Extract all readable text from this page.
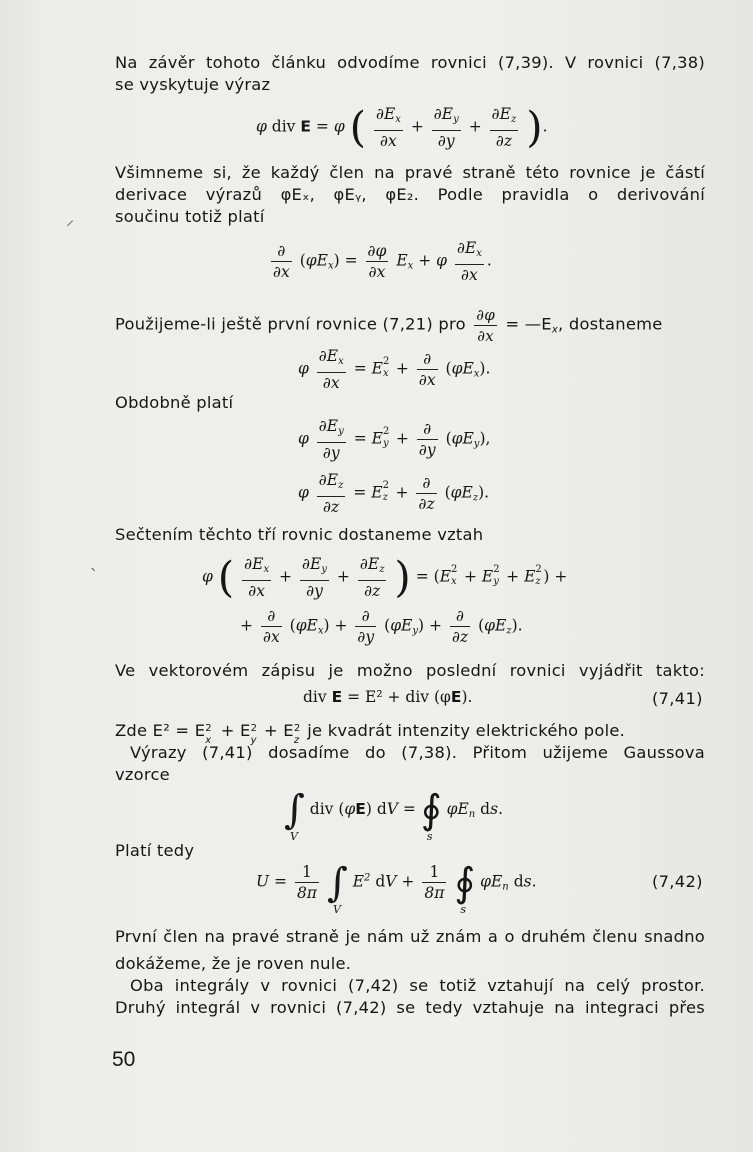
Na závěr tohoto článku odvodíme rovnici (7,39). V rovnici (7,38)
se vyskytuje výraz
φ div E = φ ( $\frac{\partial E_x}{\partial x} + \frac{\partial E_y}{\partial y} + \frac{\partial E_z}{\partial z}$ ).
Všimneme si, že každý člen na pravé straně této rovnice je částí
derivace výrazů φEₓ, φEᵧ, φE₂. Podle pravidla o derivování
součinu totiž platí
⸝
$\frac{\partial}{\partial x} (\varphi E_x) = \frac{\partial\varphi}{\partial x} E_x + \varphi \frac{\partial E_x}{\partial x}$ .
Použijeme-li ještě první rovnice (7,21) pro $\frac{\partial\varphi}{\partial x}$ = $—E_x$, dostaneme
φ $\frac{\partial E_x}{\partial x} = E$ 2
$x + \frac{\partial}{\partial x} (\varphi E_x)$.
Obdobně platí
φ $\frac{\partial E_y}{\partial y} = E$ 2
$y + \frac{\partial}{\partial y} (\varphi E_y)$,
φ $\frac{\partial E_z}{\partial z} = E$ 2
$z + \frac{\partial}{\partial z} (\varphi E_z)$.
Sečtením těchto tří rovnic dostaneme vztah
ˋ	φ ( $\frac{\partial E_x}{\partial x} + \frac{\partial E_y}{\partial y} + \frac{\partial E_z}{\partial z}$ ) = (E 2
x + E 2
y + E 2
z ) +
+ $\frac{\partial}{\partial x} (\varphi E_x) + \frac{\partial}{\partial y} (\varphi E_y) + \frac{\partial}{\partial z} (\varphi E_z)$.
Ve vektorovém zápisu je možno poslední rovnici vyjádřit takto:
div E = E² + div (φE).	(7,41)
Zde E² = E 2
x + E 2
y + E 2
z je kvadrát intenzity elektrického pole.
Výrazy (7,41) dosadíme do (7,38). Přitom užijeme Gaussova
vzorce
∫
V
div (φE) dV = ∮
s
$\varphi E_n$ ds.
Platí tedy
$U = \frac{1}{8\pi}$ ∫
V
$E^2$ dV + $\frac{1}{8\pi}$ ∮
s
$\varphi E_n$ ds.	(7,42)
První člen na pravé straně je nám už znám a o druhém členu snadno
dokážeme, že je roven nule.
Oba integrály v rovnici (7,42) se totiž vztahují na celý prostor.
Druhý integrál v rovnici (7,42) se tedy vztahuje na integraci přes
50
